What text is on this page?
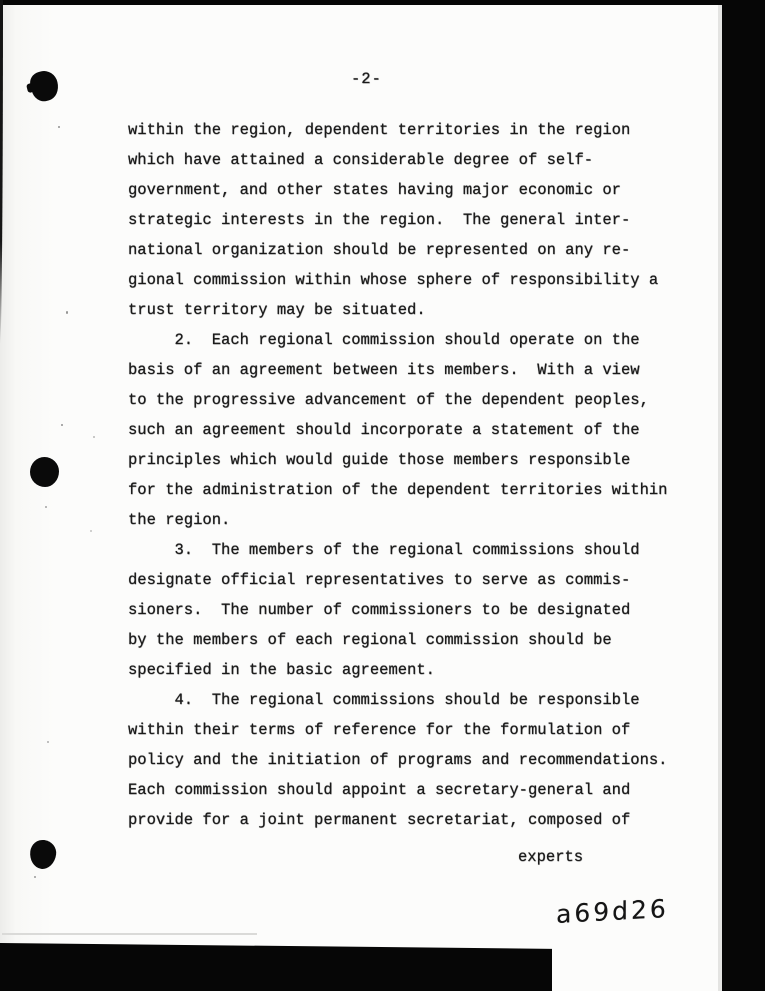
-2-
within the region, dependent territories in the region
which have attained a considerable degree of self-
government, and other states having major economic or
strategic interests in the region.  The general inter-
national organization should be represented on any re-
gional commission within whose sphere of responsibility a
trust territory may be situated.
2.  Each regional commission should operate on the
basis of an agreement between its members.  With a view
to the progressive advancement of the dependent peoples,
such an agreement should incorporate a statement of the
principles which would guide those members responsible
for the administration of the dependent territories within
the region.
3.  The members of the regional commissions should
designate official representatives to serve as commis-
sioners.  The number of commissioners to be designated
by the members of each regional commission should be
specified in the basic agreement.
4.  The regional commissions should be responsible
within their terms of reference for the formulation of
policy and the initiation of programs and recommendations.
Each commission should appoint a secretary-general and
provide for a joint permanent secretariat, composed of
experts
a69d26
